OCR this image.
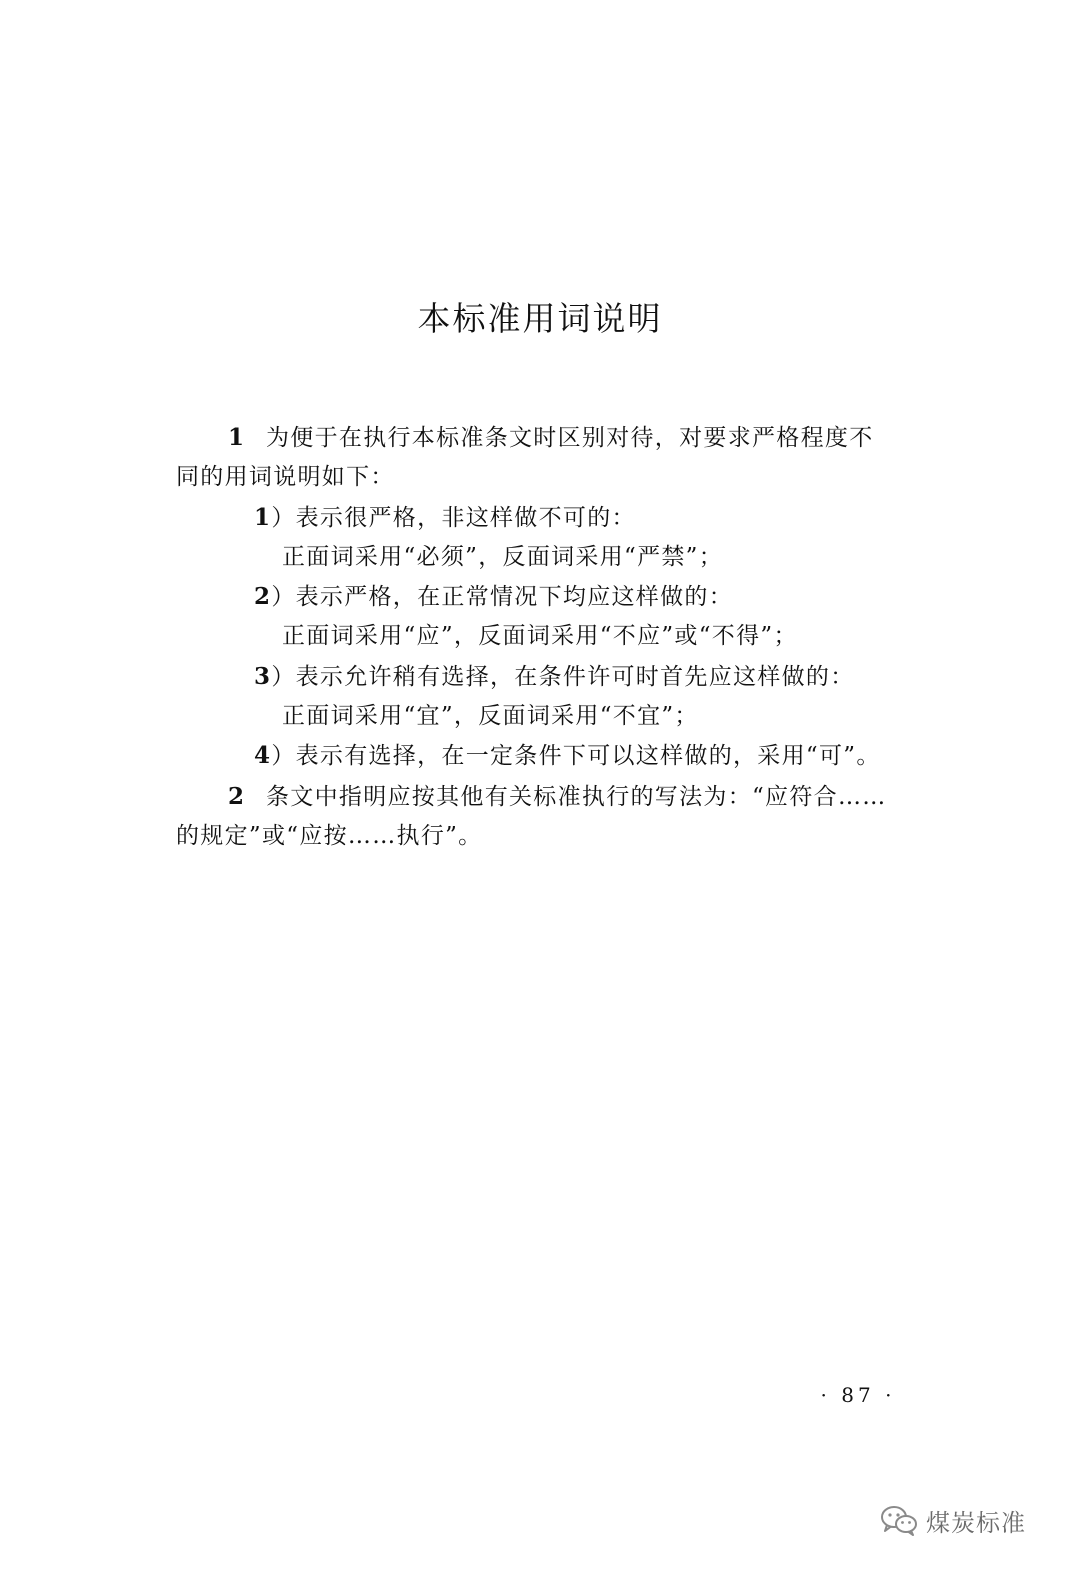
本标准用词说明
1 为便于在执行本标准条文时区别对待，对要求严格程度不
同的用词说明如下：
1）表示很严格，非这样做不可的：
正面词采用“必须”，反面词采用“严禁”；
2）表示严格，在正常情况下均应这样做的：
正面词采用“应”，反面词采用“不应”或“不得”；
3）表示允许稍有选择，在条件许可时首先应这样做的：
正面词采用“宜”，反面词采用“不宜”；
4）表示有选择，在一定条件下可以这样做的，采用“可”。
2 条文中指明应按其他有关标准执行的写法为：“应符合……
的规定”或“应按……执行”。
· 87 ·
煤炭标准
